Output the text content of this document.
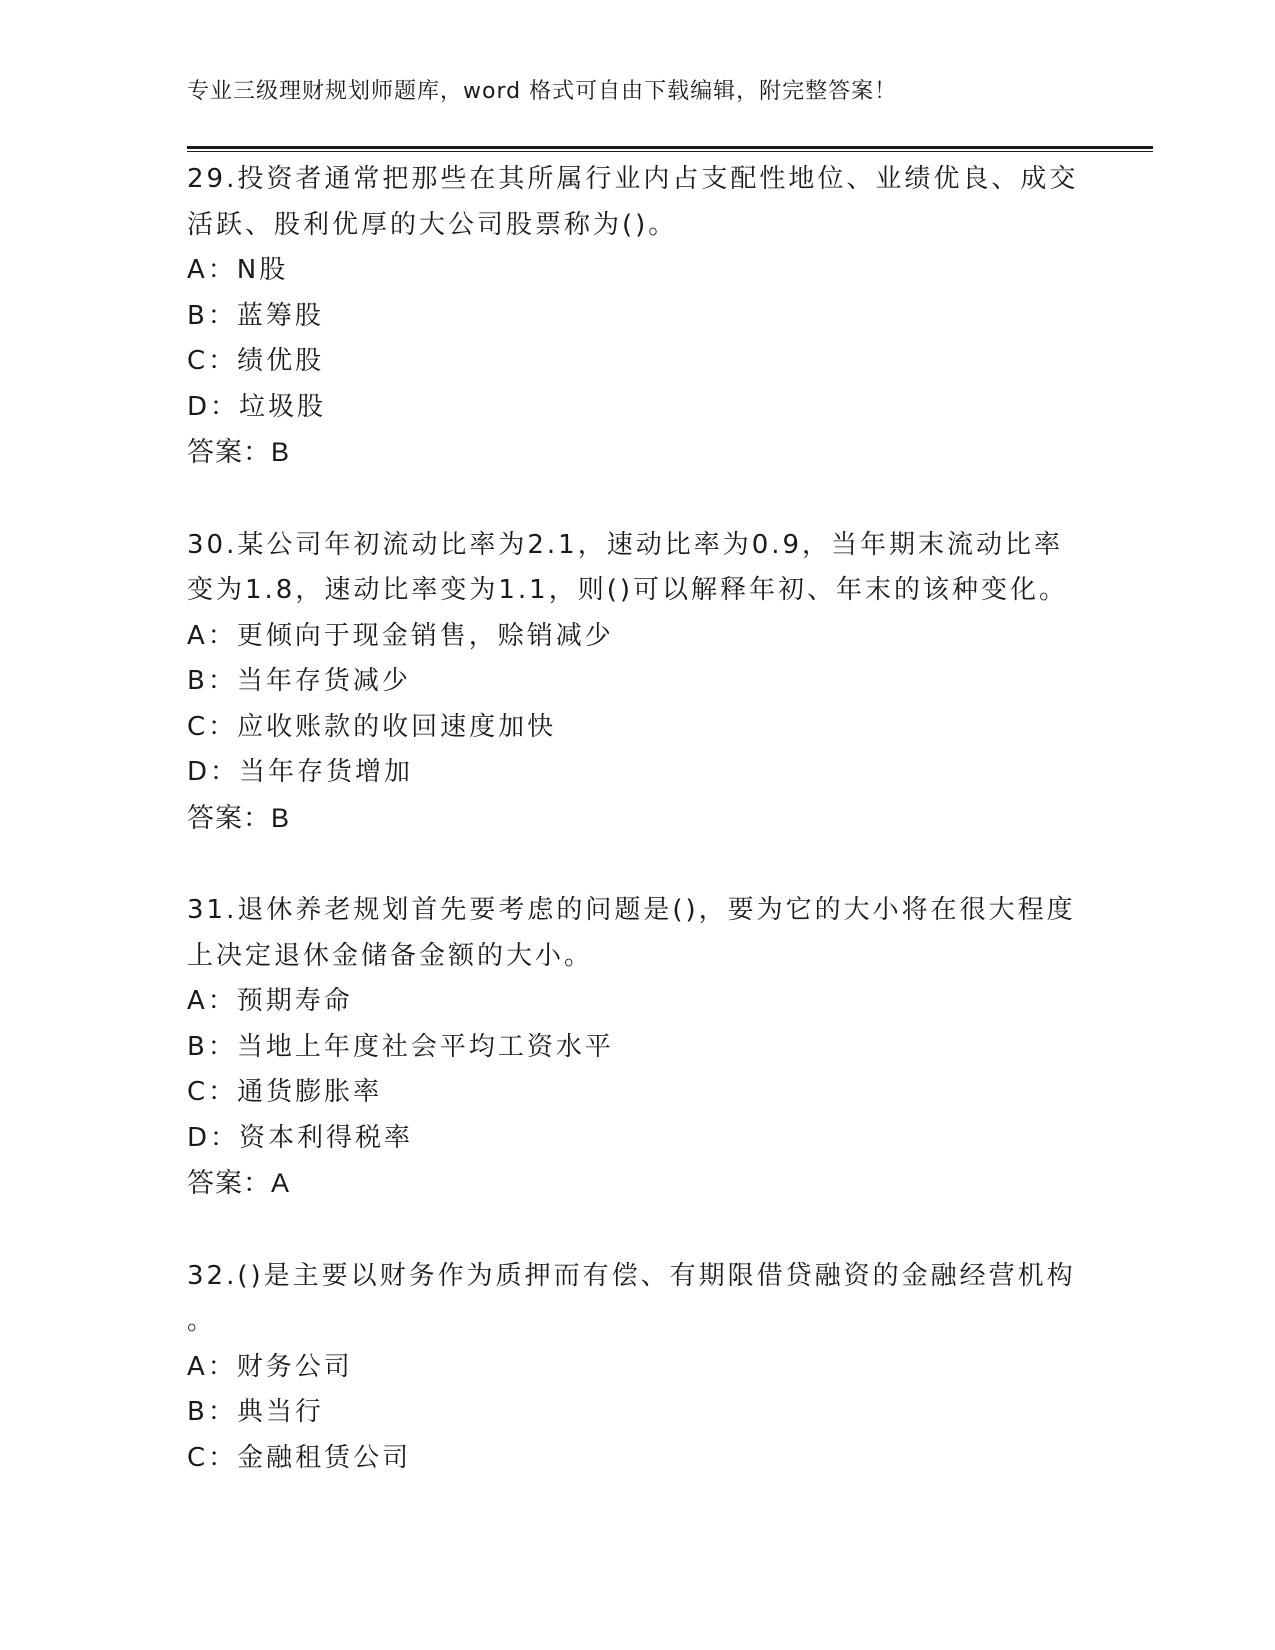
专业三级理财规划师题库，word 格式可自由下载编辑，附完整答案！
29.投资者通常把那些在其所属行业内占支配性地位、业绩优良、成交
活跃、股利优厚的大公司股票称为()。
A：N股
B：蓝筹股
C：绩优股
D：垃圾股
答案：B
30.某公司年初流动比率为2.1，速动比率为0.9，当年期末流动比率
变为1.8，速动比率变为1.1，则()可以解释年初、年末的该种变化。
A：更倾向于现金销售，赊销减少
B：当年存货减少
C：应收账款的收回速度加快
D：当年存货增加
答案：B
31.退休养老规划首先要考虑的问题是()，要为它的大小将在很大程度
上决定退休金储备金额的大小。
A：预期寿命
B：当地上年度社会平均工资水平
C：通货膨胀率
D：资本利得税率
答案：A
32.()是主要以财务作为质押而有偿、有期限借贷融资的金融经营机构
。
A：财务公司
B：典当行
C：金融租赁公司
